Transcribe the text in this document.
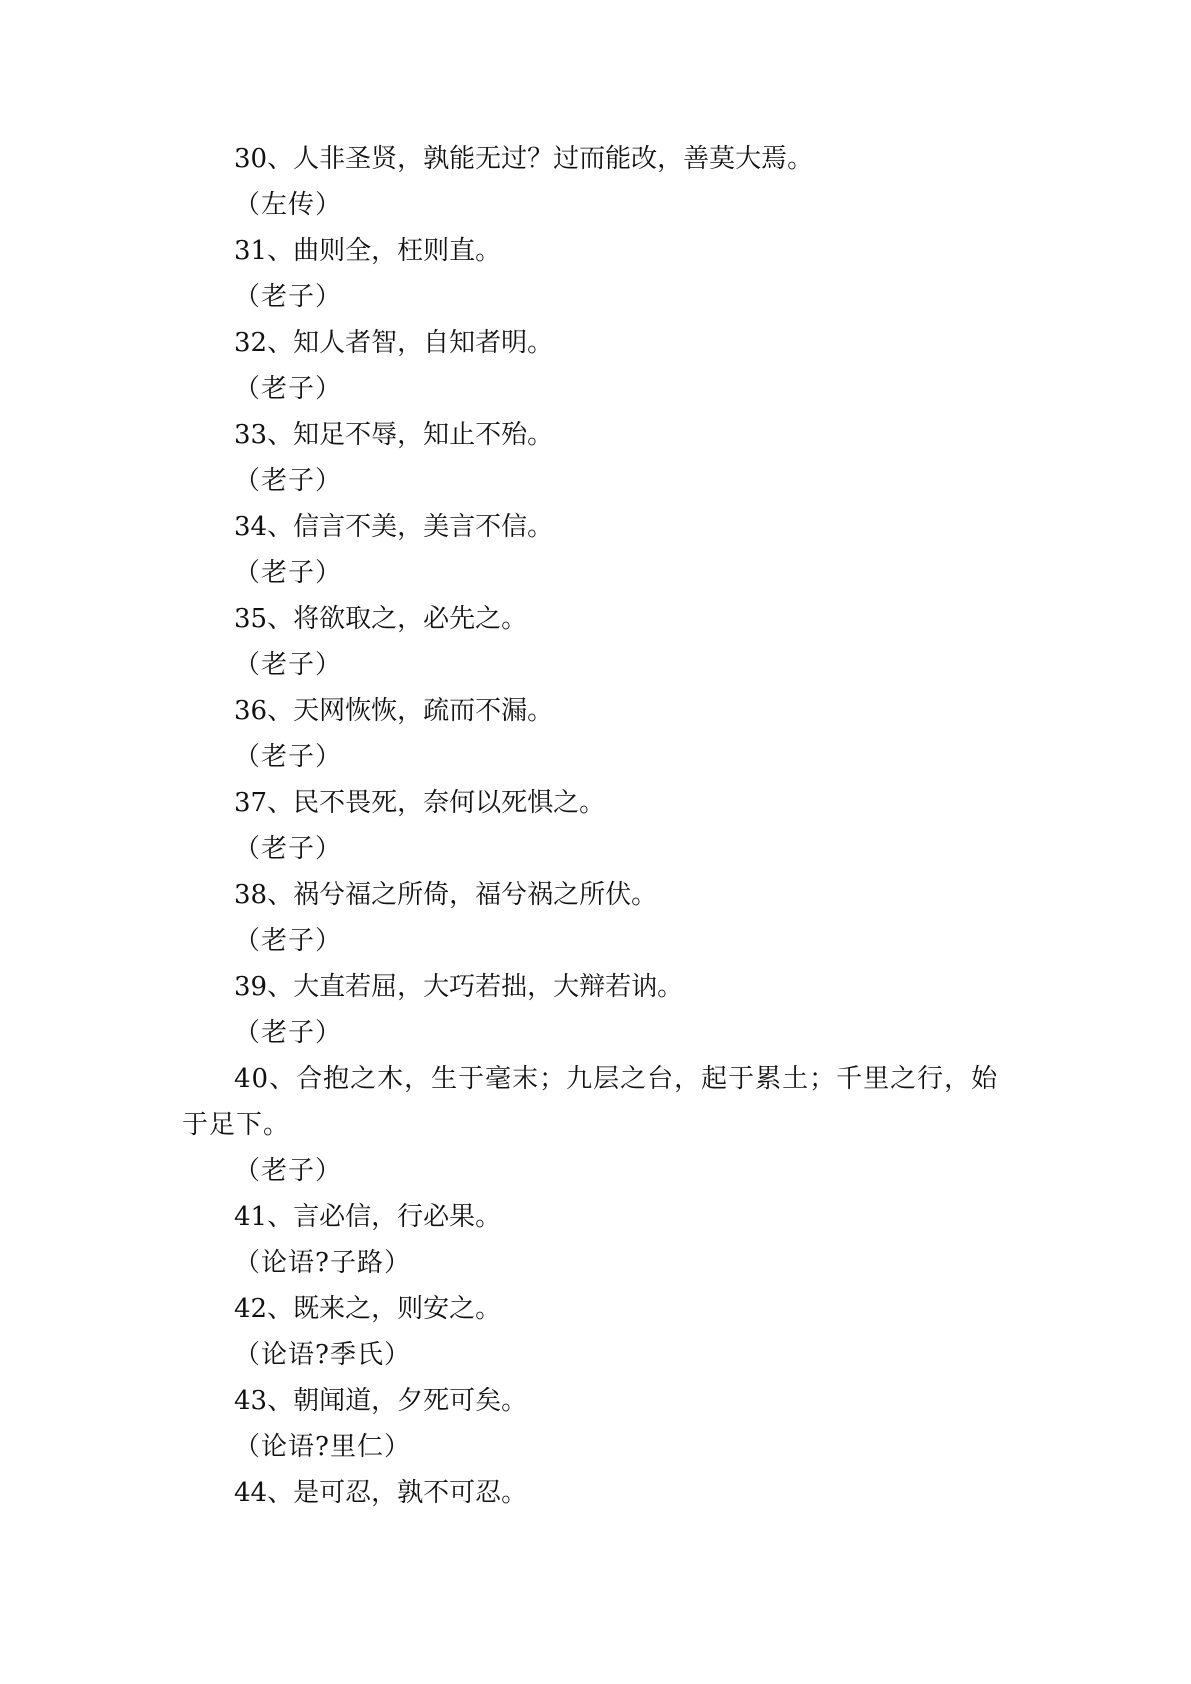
30、人非圣贤，孰能无过？过而能改，善莫大焉。
（左传）
31、曲则全，枉则直。
（老子）
32、知人者智，自知者明。
（老子）
33、知足不辱，知止不殆。
（老子）
34、信言不美，美言不信。
（老子）
35、将欲取之，必先之。
（老子）
36、天网恢恢，疏而不漏。
（老子）
37、民不畏死，奈何以死惧之。
（老子）
38、祸兮福之所倚，福兮祸之所伏。
（老子）
39、大直若屈，大巧若拙，大辩若讷。
（老子）
40、合抱之木，生于毫末；九层之台，起于累土；千里之行，始于足下。
（老子）
41、言必信，行必果。
（论语?子路）
42、既来之，则安之。
（论语?季氏）
43、朝闻道，夕死可矣。
（论语?里仁）
44、是可忍，孰不可忍。
